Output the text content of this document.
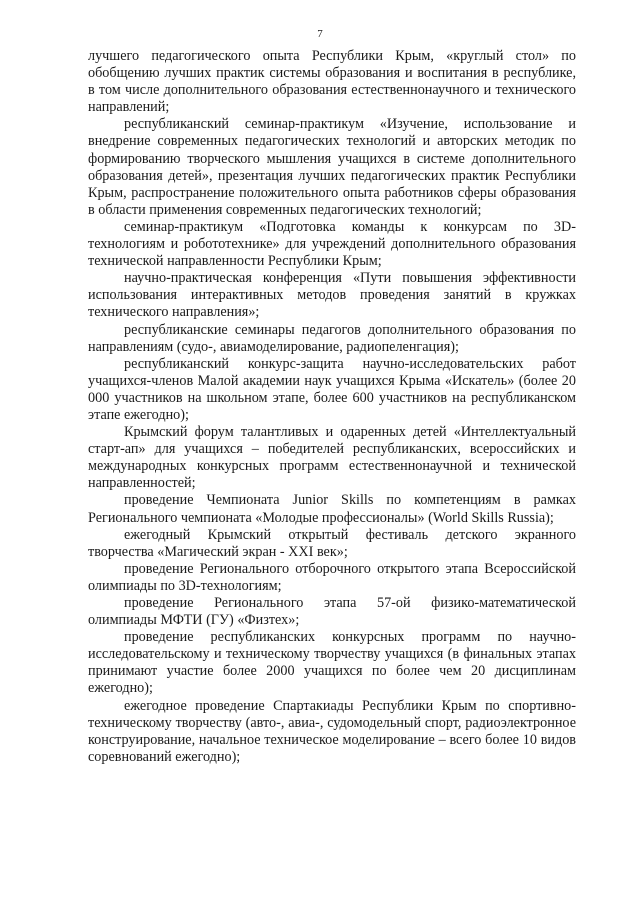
7

лучшего педагогического опыта Республики Крым, «круглый стол» по обобщению лучших практик системы образования и воспитания в республике, в том числе дополнительного образования естественнонаучного и технического направлений;

республиканский семинар-практикум «Изучение, использование и внедрение современных педагогических технологий и авторских методик по формированию творческого мышления учащихся в системе дополнительного образования детей», презентация лучших педагогических практик Республики Крым, распространение положительного опыта работников сферы образования в области применения современных педагогических технологий;

семинар-практикум «Подготовка команды к конкурсам по 3D-технологиям и робототехнике» для учреждений дополнительного образования технической направленности Республики Крым;

научно-практическая конференция «Пути повышения эффективности использования интерактивных методов проведения занятий в кружках технического направления»;

республиканские семинары педагогов дополнительного образования по направлениям (судо-, авиамоделирование, радиопеленгация);

республиканский конкурс-защита научно-исследовательских работ учащихся-членов Малой академии наук учащихся Крыма «Искатель» (более 20 000 участников на школьном этапе, более 600 участников на республиканском этапе ежегодно);

Крымский форум талантливых и одаренных детей «Интеллектуальный старт-ап» для учащихся – победителей республиканских, всероссийских и международных конкурсных программ естественнонаучной и технической направленностей;

проведение Чемпионата Junior Skills по компетенциям в рамках Регионального чемпионата «Молодые профессионалы» (World Skills Russia);

ежегодный Крымский открытый фестиваль детского экранного творчества «Магический экран - XXI век»;

проведение Регионального отборочного открытого этапа Всероссийской олимпиады по 3D-технологиям;

проведение Регионального этапа 57-ой физико-математической олимпиады МФТИ (ГУ) «Физтех»;

проведение республиканских конкурсных программ по научно-исследовательскому и техническому творчеству учащихся (в финальных этапах принимают участие более 2000 учащихся по более чем 20 дисциплинам ежегодно);

ежегодное проведение Спартакиады Республики Крым по спортивно-техническому творчеству (авто-, авиа-, судомодельный спорт, радиоэлектронное конструирование, начальное техническое моделирование – всего более 10 видов соревнований ежегодно);
